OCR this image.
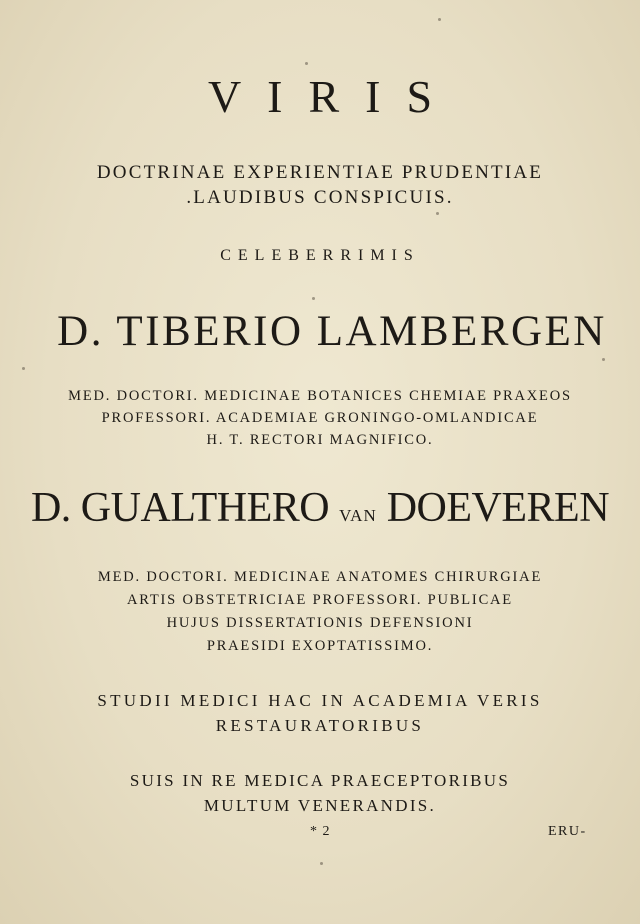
VIRIS
DOCTRINAE EXPERIENTIAE PRUDENTIAE
.LAUDIBUS CONSPICUIS.
CELEBERRIMIS
D. TIBERIO LAMBERGEN
MED. DOCTORI. MEDICINAE BOTANICES CHEMIAE PRAXEOS
PROFESSORI. ACADEMIAE GRONINGO-OMLANDICAE
H. T. RECTORI MAGNIFICO.
D. GUALTHERO VAN DOEVEREN
MED. DOCTORI. MEDICINAE ANATOMES CHIRURGIAE
ARTIS OBSTETRICIAE PROFESSORI. PUBLICAE
HUJUS DISSERTATIONIS DEFENSIONI
PRAESIDI EXOPTATISSIMO.
STUDII MEDICI HAC IN ACADEMIA VERIS
RESTAURATORIBUS
SUIS IN RE MEDICA PRAECEPTORIBUS
MULTUM VENERANDIS.
* 2	ERU-
